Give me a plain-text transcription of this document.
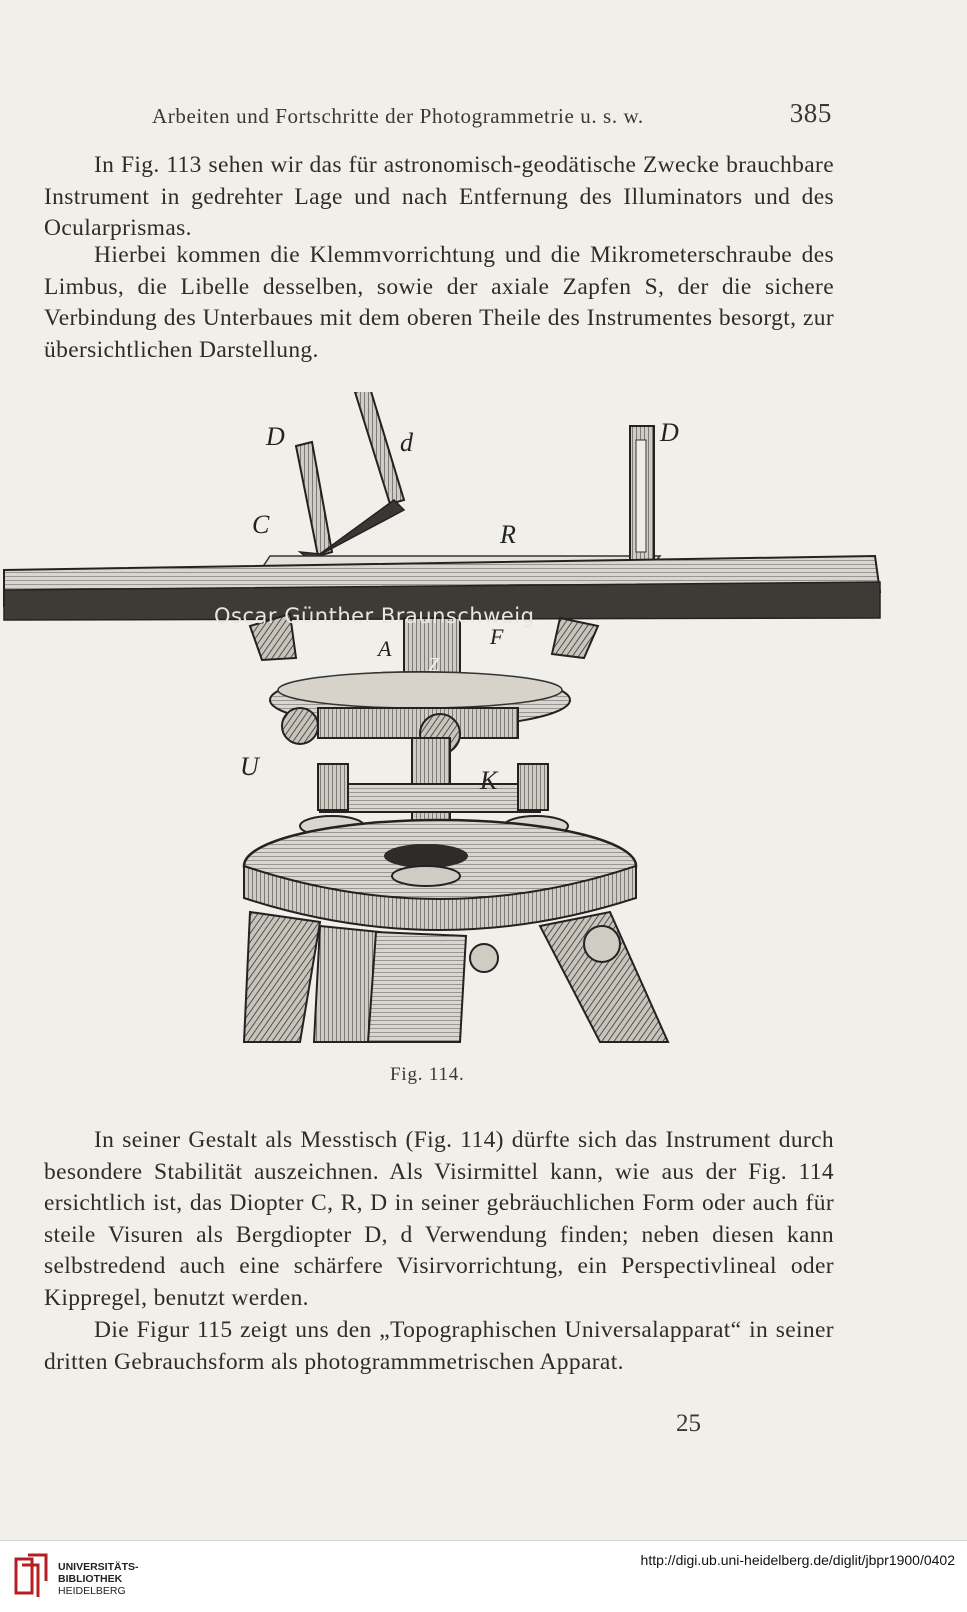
Arbeiten und Fortschritte der Photogrammetrie u. s. w.	385

In Fig. 113 sehen wir das für astronomisch-geodätische Zwecke brauchbare Instrument in gedrehter Lage und nach Entfernung des Illuminators und des Ocularprismas.

Hierbei kommen die Klemmvorrichtung und die Mikrometerschraube des Limbus, die Libelle desselben, sowie der axiale Zapfen S, der die sichere Verbindung des Unterbaues mit dem oberen Theile des Instrumentes besorgt, zur übersichtlichen Darstellung.

D	d	D
C	R
A	F
Z
K
U
Oscar Günther Braunschweig
Fig. 114.

In seiner Gestalt als Messtisch (Fig. 114) dürfte sich das Instrument durch besondere Stabilität auszeichnen. Als Visirmittel kann, wie aus der Fig. 114 ersichtlich ist, das Diopter C, R, D in seiner gebräuchlichen Form oder auch für steile Visuren als Bergdiopter D, d Verwendung finden; neben diesen kann selbstredend auch eine schärfere Visirvorrichtung, ein Perspectivlineal oder Kippregel, benutzt werden.

Die Figur 115 zeigt uns den „Topographischen Universalapparat“ in seiner dritten Gebrauchsform als photogrammmetrischen Apparat.

25
UNIVERSITÄTS-
BIBLIOTHEK
HEIDELBERG
http://digi.ub.uni-heidelberg.de/diglit/jbpr1900/0402
